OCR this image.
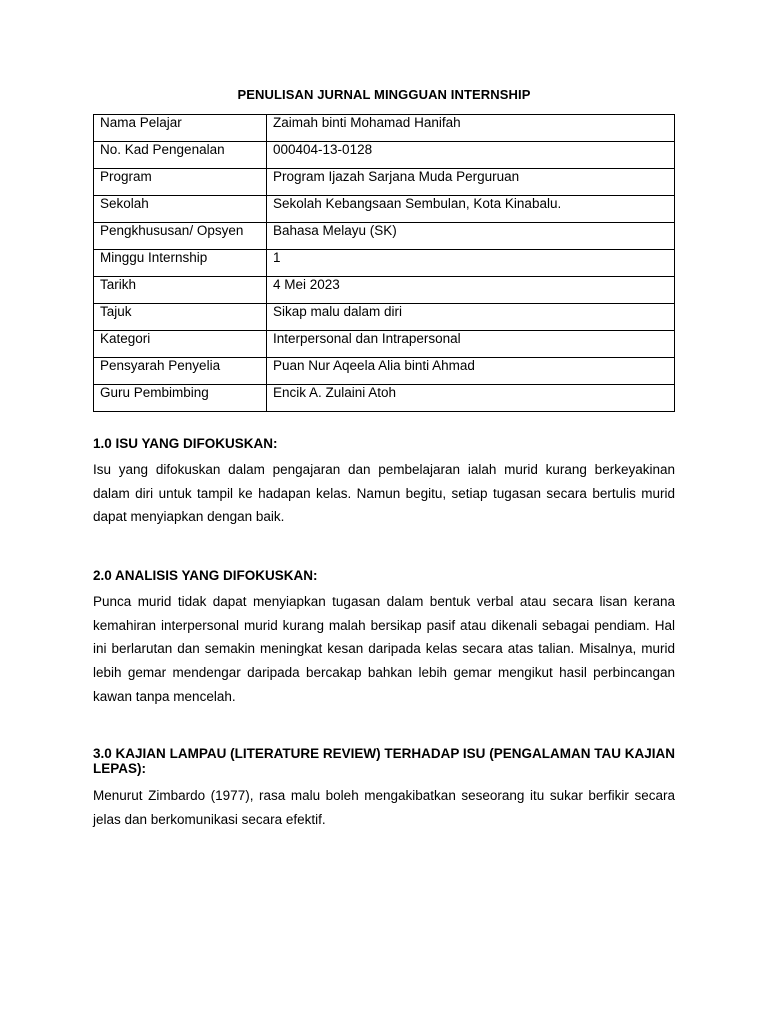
PENULISAN JURNAL MINGGUAN INTERNSHIP
Nama Pelajar	Zaimah binti Mohamad Hanifah
No. Kad Pengenalan	000404-13-0128
Program	Program Ijazah Sarjana Muda Perguruan
Sekolah	Sekolah Kebangsaan Sembulan, Kota Kinabalu.
Pengkhususan/ Opsyen	Bahasa Melayu (SK)
Minggu Internship	1
Tarikh	4 Mei 2023
Tajuk	Sikap malu dalam diri
Kategori	Interpersonal dan Intrapersonal
Pensyarah Penyelia	Puan Nur Aqeela Alia binti Ahmad
Guru Pembimbing	Encik A. Zulaini Atoh
1.0 ISU YANG DIFOKUSKAN:
Isu yang difokuskan dalam pengajaran dan pembelajaran ialah murid kurang berkeyakinan dalam diri untuk tampil ke hadapan kelas. Namun begitu, setiap tugasan secara bertulis murid dapat menyiapkan dengan baik.
2.0 ANALISIS YANG DIFOKUSKAN:
Punca murid tidak dapat menyiapkan tugasan dalam bentuk verbal atau secara lisan kerana kemahiran interpersonal murid kurang malah bersikap pasif atau dikenali sebagai pendiam. Hal ini berlarutan dan semakin meningkat kesan daripada kelas secara atas talian. Misalnya, murid lebih gemar mendengar daripada bercakap bahkan lebih gemar mengikut hasil perbincangan kawan tanpa mencelah.
3.0 KAJIAN LAMPAU (LITERATURE REVIEW) TERHADAP ISU (PENGALAMAN TAU KAJIAN LEPAS):
Menurut Zimbardo (1977), rasa malu boleh mengakibatkan seseorang itu sukar berfikir secara jelas dan berkomunikasi secara efektif.
